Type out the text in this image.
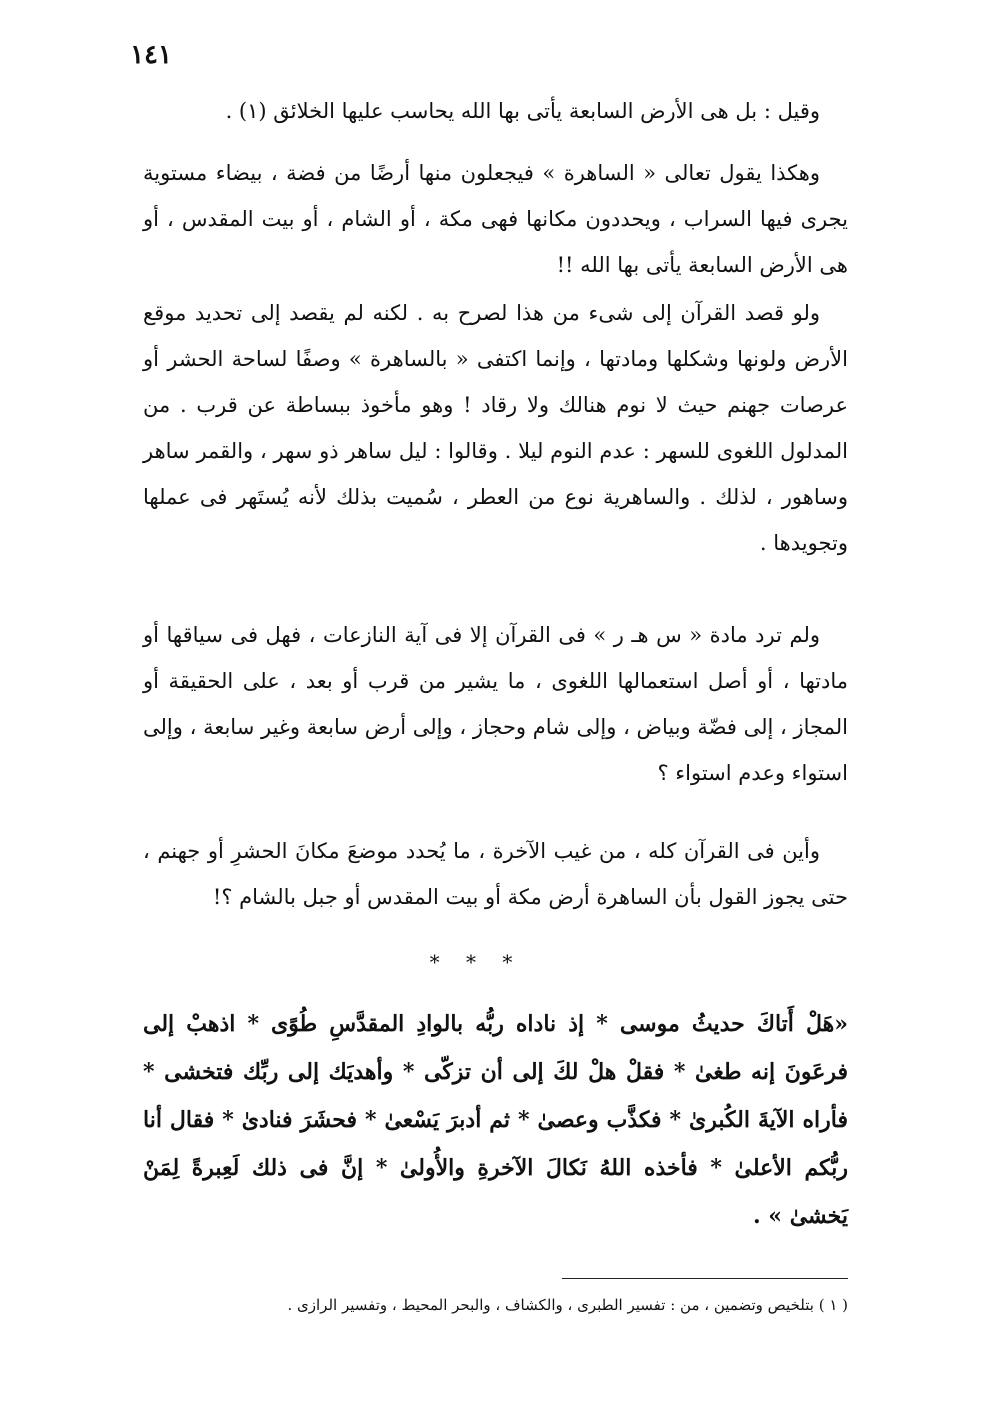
١٤١

وقيل : بل هى الأرض السابعة يأتى بها الله يحاسب عليها الخلائق (١) .

وهكذا يقول تعالى « الساهرة » فيجعلون منها أرضًا من فضة ، بيضاء مستوية يجرى فيها السراب ، ويحددون مكانها فهى مكة ، أو الشام ، أو بيت المقدس ، أو هى الأرض السابعة يأتى بها الله !!

ولو قصد القرآن إلى شىء من هذا لصرح به . لكنه لم يقصد إلى تحديد موقع الأرض ولونها وشكلها ومادتها ، وإنما اكتفى « بالساهرة » وصفًا لساحة الحشر أو عرصات جهنم حيث لا نوم هنالك ولا رقاد ! وهو مأخوذ ببساطة عن قرب . من المدلول اللغوى للسهر : عدم النوم ليلا . وقالوا : ليل ساهر ذو سهر ، والقمر ساهر وساهور ، لذلك . والساهرية نوع من العطر ، سُميت بذلك لأنه يُستَهر فى عملها وتجويدها .

ولم ترد مادة « س هـ ر » فى القرآن إلا فى آية النازعات ، فهل فى سياقها أو مادتها ، أو أصل استعمالها اللغوى ، ما يشير من قرب أو بعد ، على الحقيقة أو المجاز ، إلى فضّة وبياض ، وإلى شام وحجاز ، وإلى أرض سابعة وغير سابعة ، وإلى استواء وعدم استواء ؟

وأين فى القرآن كله ، من غيب الآخرة ، ما يُحدد موضعَ مكانَ الحشرِ أو جهنم ، حتى يجوز القول بأن الساهرة أرض مكة أو بيت المقدس أو جبل بالشام ؟!

* * *

«هَلْ أَتاكَ حديثُ موسى * إذ ناداه ربُّه بالوادِ المقدَّسِ طُوًى * اذهبْ إلى فرعَونَ إنه طغىٰ * فقلْ هلْ لكَ إلى أن تزكّى * وأهديَك إلى ربِّك فتخشى * فأراه الآيةَ الكُبرىٰ * فكذَّب وعصىٰ * ثم أدبرَ يَسْعىٰ * فحشَرَ فنادىٰ * فقال أنا ربُّكم الأعلىٰ * فأخذه اللهُ نَكالَ الآخرةِ والأُولىٰ * إنَّ فى ذلك لَعِبرةً لِمَنْ يَخشىٰ » .

( ١ ) بتلخيص وتضمين ، من : تفسير الطبرى ، والكشاف ، والبحر المحيط ، وتفسير الرازى .
